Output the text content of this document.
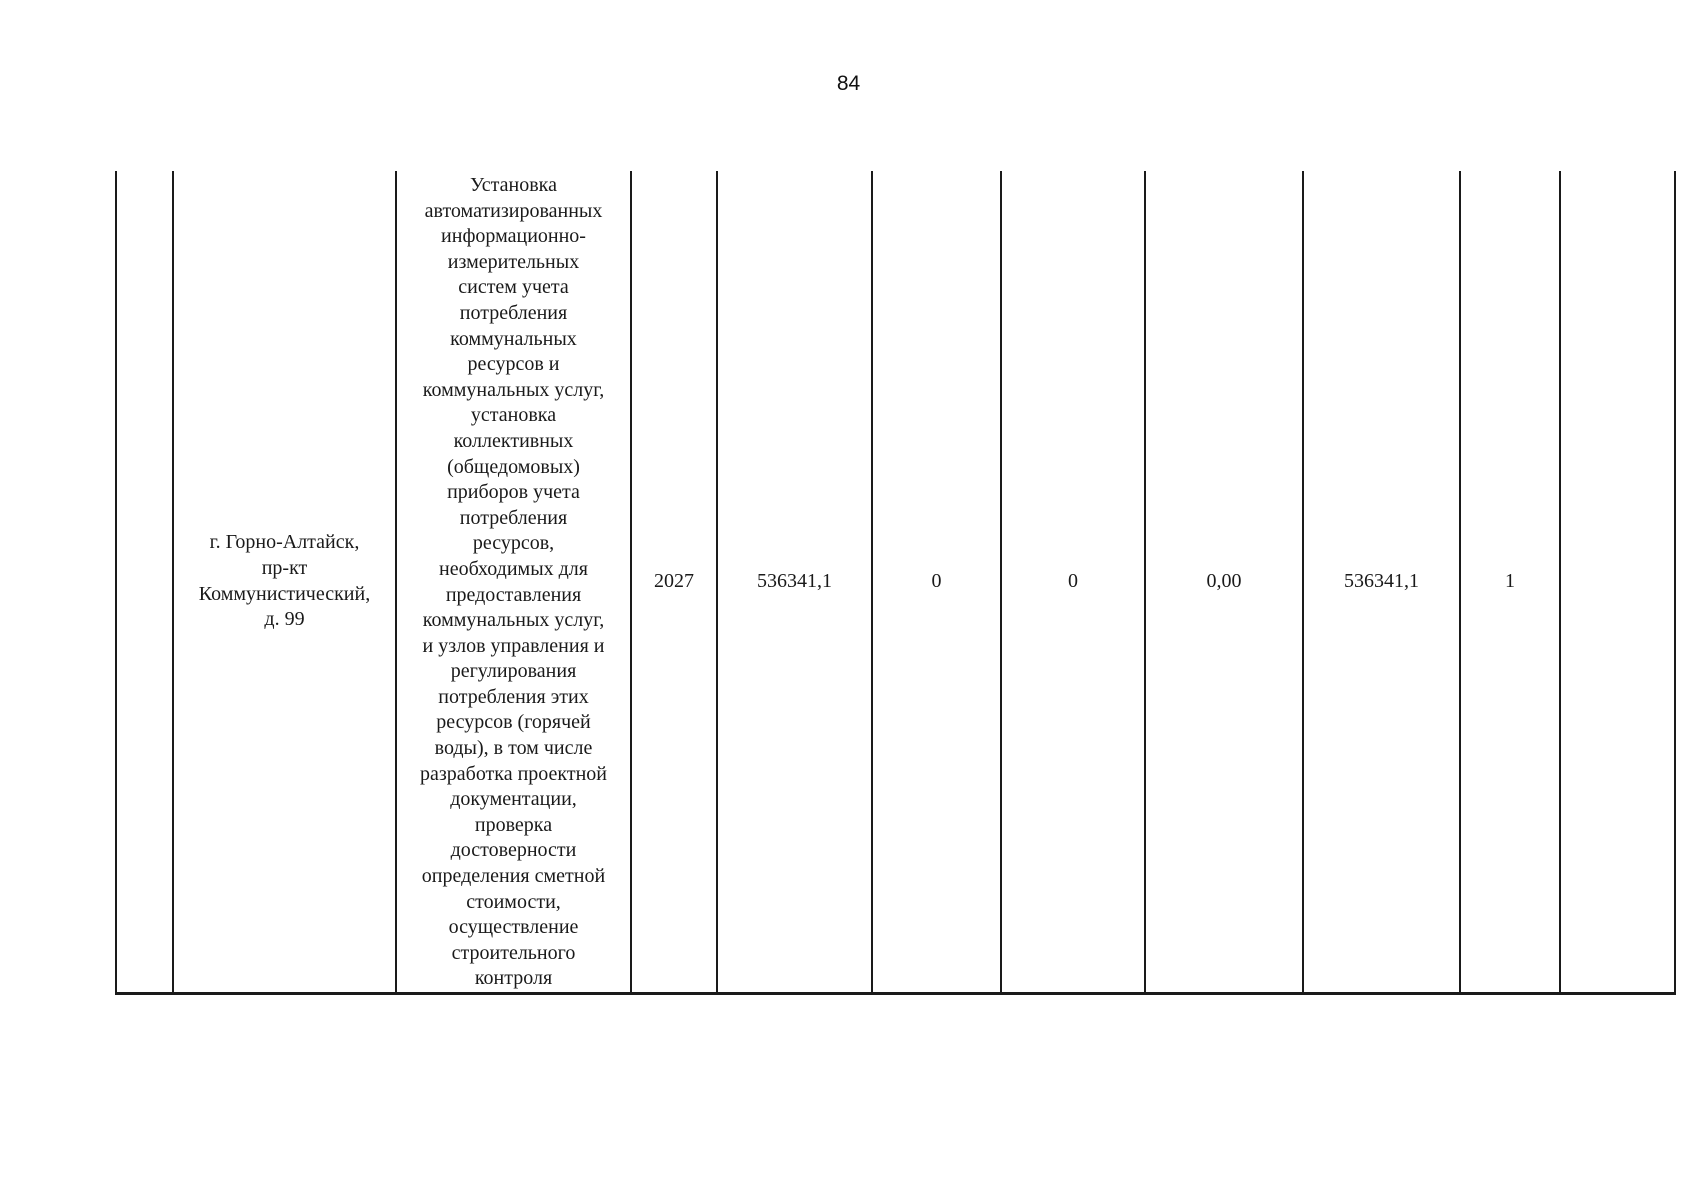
84

г. Горно-Алтайск,
пр-кт
Коммунистический,
д. 99

Установка
автоматизированных
информационно-
измерительных
систем учета
потребления
коммунальных
ресурсов и
коммунальных услуг,
установка
коллективных
(общедомовых)
приборов учета
потребления
ресурсов,
необходимых для
предоставления
коммунальных услуг,
и узлов управления и
регулирования
потребления этих
ресурсов (горячей
воды), в том числе
разработка проектной
документации,
проверка
достоверности
определения сметной
стоимости,
осуществление
строительного
контроля

2027	536341,1	0	0	0,00	536341,1	1
